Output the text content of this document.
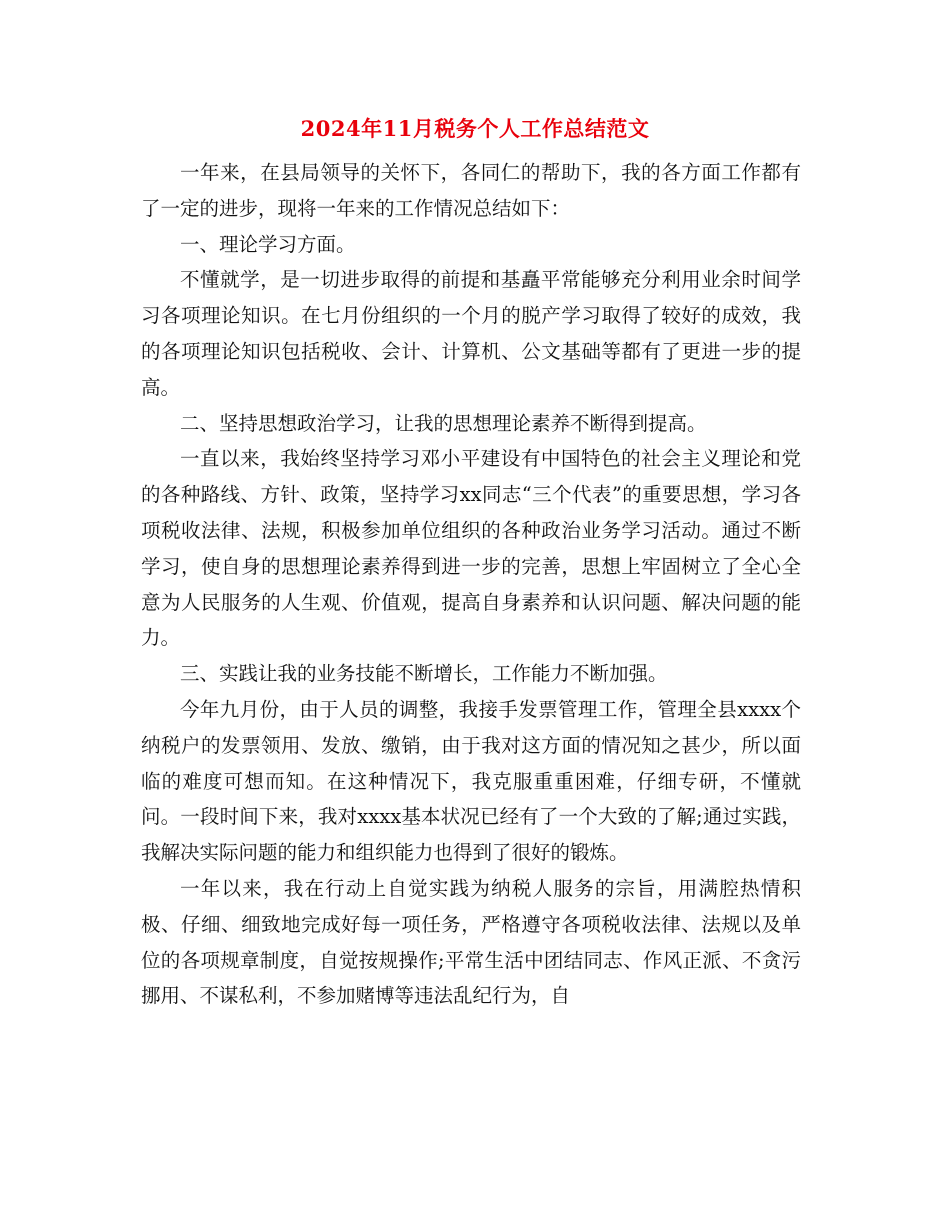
2024年11月税务个人工作总结范文

一年来，在县局领导的关怀下，各同仁的帮助下，我的各方面工作都有了一定的进步，现将一年来的工作情况总结如下：

一、理论学习方面。

不懂就学，是一切进步取得的前提和基矗平常能够充分利用业余时间学习各项理论知识。在七月份组织的一个月的脱产学习取得了较好的成效，我的各项理论知识包括税收、会计、计算机、公文基础等都有了更进一步的提高。

二、坚持思想政治学习，让我的思想理论素养不断得到提高。

一直以来，我始终坚持学习邓小平建设有中国特色的社会主义理论和党的各种路线、方针、政策，坚持学习xx同志“三个代表”的重要思想，学习各项税收法律、法规，积极参加单位组织的各种政治业务学习活动。通过不断学习，使自身的思想理论素养得到进一步的完善，思想上牢固树立了全心全意为人民服务的人生观、价值观，提高自身素养和认识问题、解决问题的能力。

三、实践让我的业务技能不断增长，工作能力不断加强。

今年九月份，由于人员的调整，我接手发票管理工作，管理全县xxxx个纳税户的发票领用、发放、缴销，由于我对这方面的情况知之甚少，所以面临的难度可想而知。在这种情况下，我克服重重困难，仔细专研，不懂就问。一段时间下来，我对xxxx基本状况已经有了一个大致的了解;通过实践，我解决实际问题的能力和组织能力也得到了很好的锻炼。

一年以来，我在行动上自觉实践为纳税人服务的宗旨，用满腔热情积极、仔细、细致地完成好每一项任务，严格遵守各项税收法律、法规以及单位的各项规章制度，自觉按规操作;平常生活中团结同志、作风正派、不贪污挪用、不谋私利，不参加赌博等违法乱纪行为，自
